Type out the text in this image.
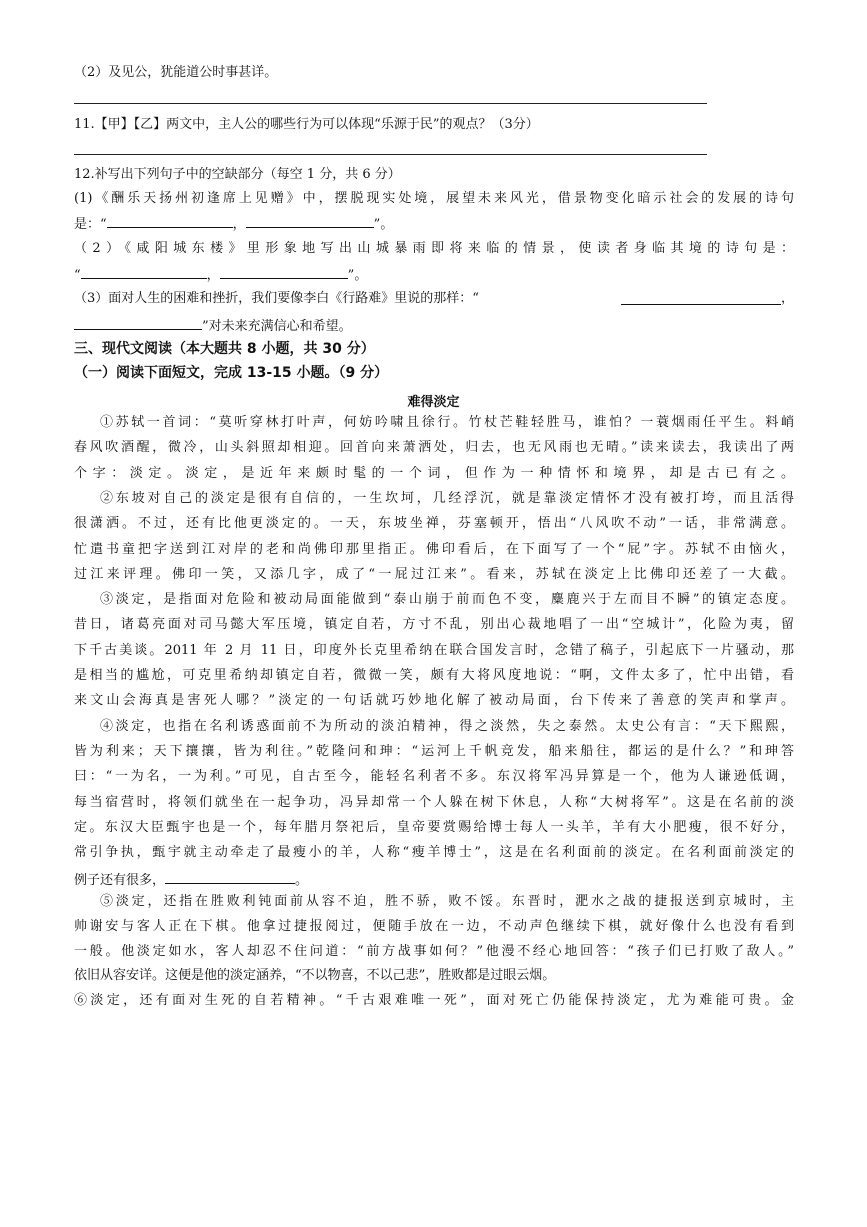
（2）及见公，犹能道公时事甚详。
11.【甲】【乙】两文中，主人公的哪些行为可以体现“乐源于民”的观点？（3分）
12.补写出下列句子中的空缺部分（每空 1 分，共 6 分）
(1)《酬乐天扬州初逢席上见赠》中，摆脱现实处境，展望未来风光，借景物变化暗示社会的发展的诗句
是：“	，	”。
（2）《咸阳城东楼》里形象地写出山城暴雨即将来临的情景，使读者身临其境的诗句是：
“	，	”。
（3）面对人生的困难和挫折，我们要像李白《行路难》里说的那样：“	，
”对未来充满信心和希望。
三、现代文阅读（本大题共 8 小题，共 30 分）
（一）阅读下面短文，完成 13-15 小题。（9 分）
难得淡定
①苏轼一首词：“莫听穿林打叶声，何妨吟啸且徐行。竹杖芒鞋轻胜马，谁怕？一蓑烟雨任平生。料峭
春风吹酒醒，微冷，山头斜照却相迎。回首向来萧洒处，归去，也无风雨也无晴。”读来读去，我读出了两
个字：淡定。淡定，是近年来颇时髦的一个词，但作为一种情怀和境界，却是古已有之。
②东坡对自己的淡定是很有自信的，一生坎坷，几经浮沉，就是靠淡定情怀才没有被打垮，而且活得
很潇洒。不过，还有比他更淡定的。一天，东坡坐禅，芬塞顿开，悟出“八风吹不动”一话，非常满意。
忙遣书童把字送到江对岸的老和尚佛印那里指正。佛印看后，在下面写了一个“屁”字。苏轼不由恼火，
过江来评理。佛印一笑，又添几字，成了“一屁过江来”。看来，苏轼在淡定上比佛印还差了一大截。
③淡定，是指面对危险和被动局面能做到“泰山崩于前而色不变，麋鹿兴于左而目不瞬”的镇定态度。
昔日，诸葛亮面对司马懿大军压境，镇定自若，方寸不乱，别出心裁地唱了一出“空城计”，化险为夷，留
下千古美谈。2011 年 2 月 11 日，印度外长克里希纳在联合国发言时，念错了稿子，引起底下一片骚动，那
是相当的尴尬，可克里希纳却镇定自若，微微一笑，颇有大将风度地说：“啊，文件太多了，忙中出错，看
来文山会海真是害死人哪？”淡定的一句话就巧妙地化解了被动局面，台下传来了善意的笑声和掌声。
④淡定，也指在名利诱惑面前不为所动的淡泊精神，得之淡然，失之泰然。太史公有言：“天下熙熙，
皆为利来；天下攘攘，皆为利往。”乾隆问和珅：“运河上千帆竞发，船来船往，都运的是什么？”和珅答
曰：“一为名，一为利。”可见，自古至今，能轻名利者不多。东汉将军冯异算是一个，他为人谦逊低调，
每当宿营时，将领们就坐在一起争功，冯异却常一个人躲在树下休息，人称“大树将军”。这是在名前的淡
定。东汉大臣甄宇也是一个，每年腊月祭祀后，皇帝要赏赐给博士每人一头羊，羊有大小肥瘦，很不好分，
常引争执，甄宇就主动牵走了最瘦小的羊，人称“瘦羊博士”，这是在名利面前的淡定。在名利面前淡定的
例子还有很多，	。
⑤淡定，还指在胜败利钝面前从容不迫，胜不骄，败不馁。东晋时，淝水之战的捷报送到京城时，主
帅谢安与客人正在下棋。他拿过捷报阅过，便随手放在一边，不动声色继续下棋，就好像什么也没有看到
一般。他淡定如水，客人却忍不住问道：“前方战事如何？”他漫不经心地回答：“孩子们已打败了敌人。”
依旧从容安详。这便是他的淡定涵养，“不以物喜，不以己悲”，胜败都是过眼云烟。
⑥淡定，还有面对生死的自若精神。“千古艰难唯一死”，面对死亡仍能保持淡定，尤为难能可贵。金
